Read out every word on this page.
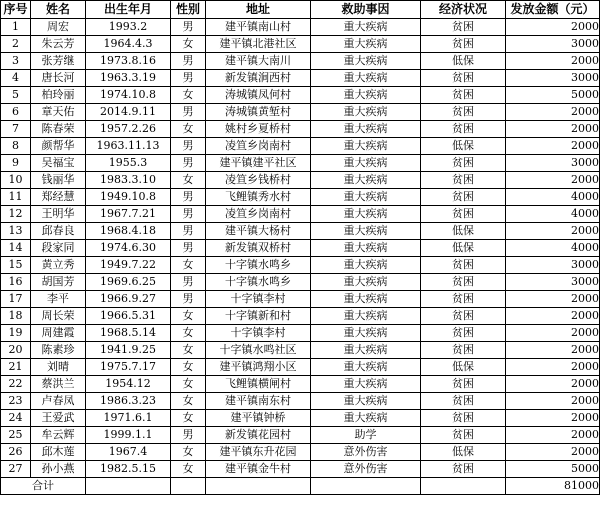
序号	姓名	出生年月	性别	地址	救助事因	经济状况	发放金额（元）
1	周宏	1993.2	男	建平镇南山村	重大疾病	贫困	2000
2	朱云芳	1964.4.3	女	建平镇北港社区	重大疾病	贫困	3000
3	张芳继	1973.8.16	男	建平镇大南川	重大疾病	低保	2000
4	唐长河	1963.3.19	男	新发镇涧西村	重大疾病	贫困	3000
5	柏玲丽	1974.10.8	女	涛城镇凤何村	重大疾病	贫困	5000
6	章天佑	2014.9.11	男	涛城镇黄堑村	重大疾病	贫困	2000
7	陈春荣	1957.2.26	女	姚村乡夏桥村	重大疾病	贫困	2000
8	颜帮华	1963.11.13	男	凌笪乡岗南村	重大疾病	低保	2000
9	吴福宝	1955.3	男	建平镇建平社区	重大疾病	贫困	3000
10	钱丽华	1983.3.10	女	凌笪乡钱桥村	重大疾病	贫困	2000
11	郑经慧	1949.10.8	男	飞鲤镇秀水村	重大疾病	贫困	4000
12	王明华	1967.7.21	男	凌笪乡岗南村	重大疾病	贫困	4000
13	邱春良	1968.4.18	男	建平镇大杨村	重大疾病	低保	2000
14	段家同	1974.6.30	男	新发镇双桥村	重大疾病	低保	4000
15	黄立秀	1949.7.22	女	十字镇水鸣乡	重大疾病	贫困	3000
16	胡国芳	1969.6.25	男	十字镇水鸣乡	重大疾病	贫困	3000
17	李平	1966.9.27	男	十字镇李村	重大疾病	贫困	2000
18	周长荣	1966.5.31	女	十字镇新和村	重大疾病	贫困	2000
19	周建霞	1968.5.14	女	十字镇李村	重大疾病	贫困	2000
20	陈素珍	1941.9.25	女	十字镇水鸣社区	重大疾病	贫困	2000
21	刘晴	1975.7.17	女	建平镇鸿翔小区	重大疾病	低保	2000
22	蔡洪兰	1954.12	女	飞鲤镇横闸村	重大疾病	贫困	2000
23	卢春凤	1986.3.23	女	建平镇南东村	重大疾病	贫困	2000
24	王爱武	1971.6.1	女	建平镇钟桥	重大疾病	贫困	2000
25	牟云辉	1999.1.1	男	新发镇花园村	助学	贫困	2000
26	邱木莲	1967.4	女	建平镇东升花园	意外伤害	低保	2000
27	孙小燕	1982.5.15	女	建平镇金牛村	意外伤害	贫困	5000
合计							81000
